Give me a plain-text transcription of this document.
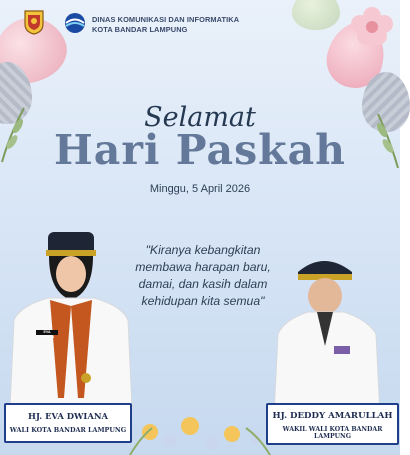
DINAS KOMUNIKASI DAN INFORMATIKA
KOTA BANDAR LAMPUNG
Selamat
Hari Paskah
Minggu, 5 April 2026
"Kiranya kebangkitan
membawa harapan baru,
damai, dan kasih dalam
kehidupan kita semua"
EVA DWIANA
HJ. EVA DWIANA
WALI KOTA BANDAR LAMPUNG
HJ. DEDDY AMARULLAH
WAKIL WALI KOTA BANDAR LAMPUNG
